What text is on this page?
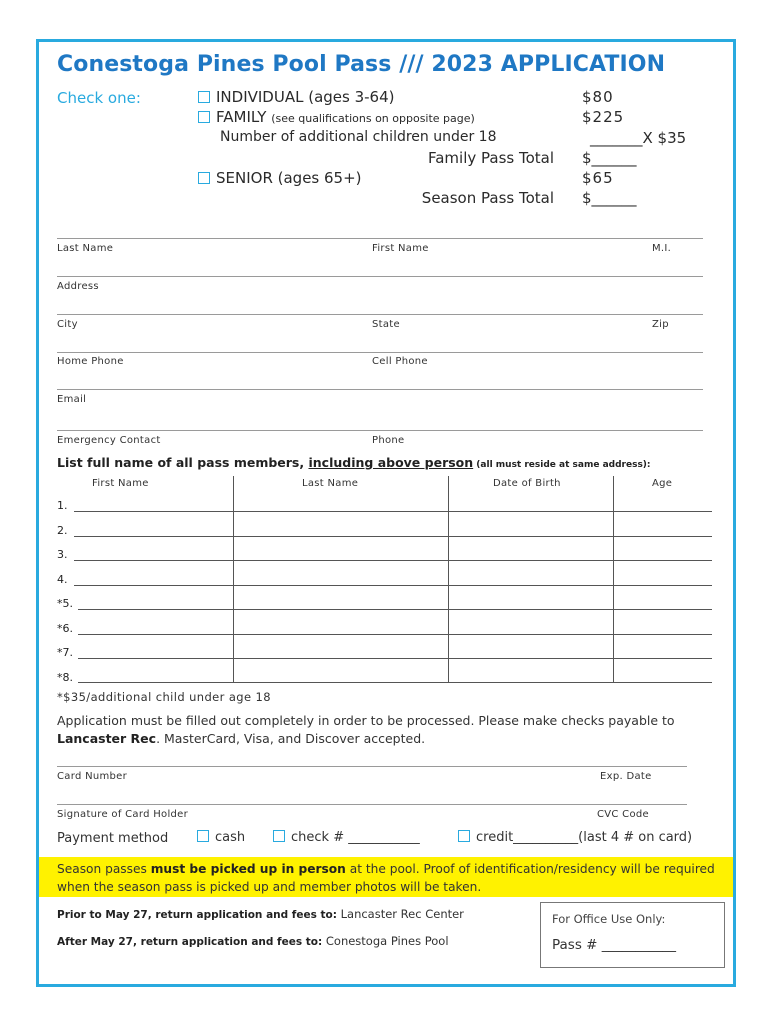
Conestoga Pines Pool Pass /// 2023 APPLICATION
Check one:	INDIVIDUAL (ages 3-64)	$80
FAMILY (see qualifications on opposite page)	$225
Number of additional children under 18	_______X $35
Family Pass Total $______
SENIOR (ages 65+)	$65
Season Pass Total $______
Last Name	First Name	M.I.
Address
City	State	Zip
Home Phone	Cell Phone
Email
Emergency Contact	Phone
List full name of all pass members, including above person (all must reside at same address):
First Name	Last Name	Date of Birth	Age
1.
2.
3.
4.
*5.
*6.
*7.
*8.
*$35/additional child under age 18
Application must be filled out completely in order to be processed. Please make checks payable to Lancaster Rec. MasterCard, Visa, and Discover accepted.
Card Number	Exp. Date
Signature of Card Holder	CVC Code
Payment method	cash	check # ___________	credit__________(last 4 # on card)
Season passes must be picked up in person at the pool. Proof of identification/residency will be required when the season pass is picked up and member photos will be taken.
Prior to May 27, return application and fees to: Lancaster Rec Center
After May 27, return application and fees to: Conestoga Pines Pool
For Office Use Only:
Pass # ___________
